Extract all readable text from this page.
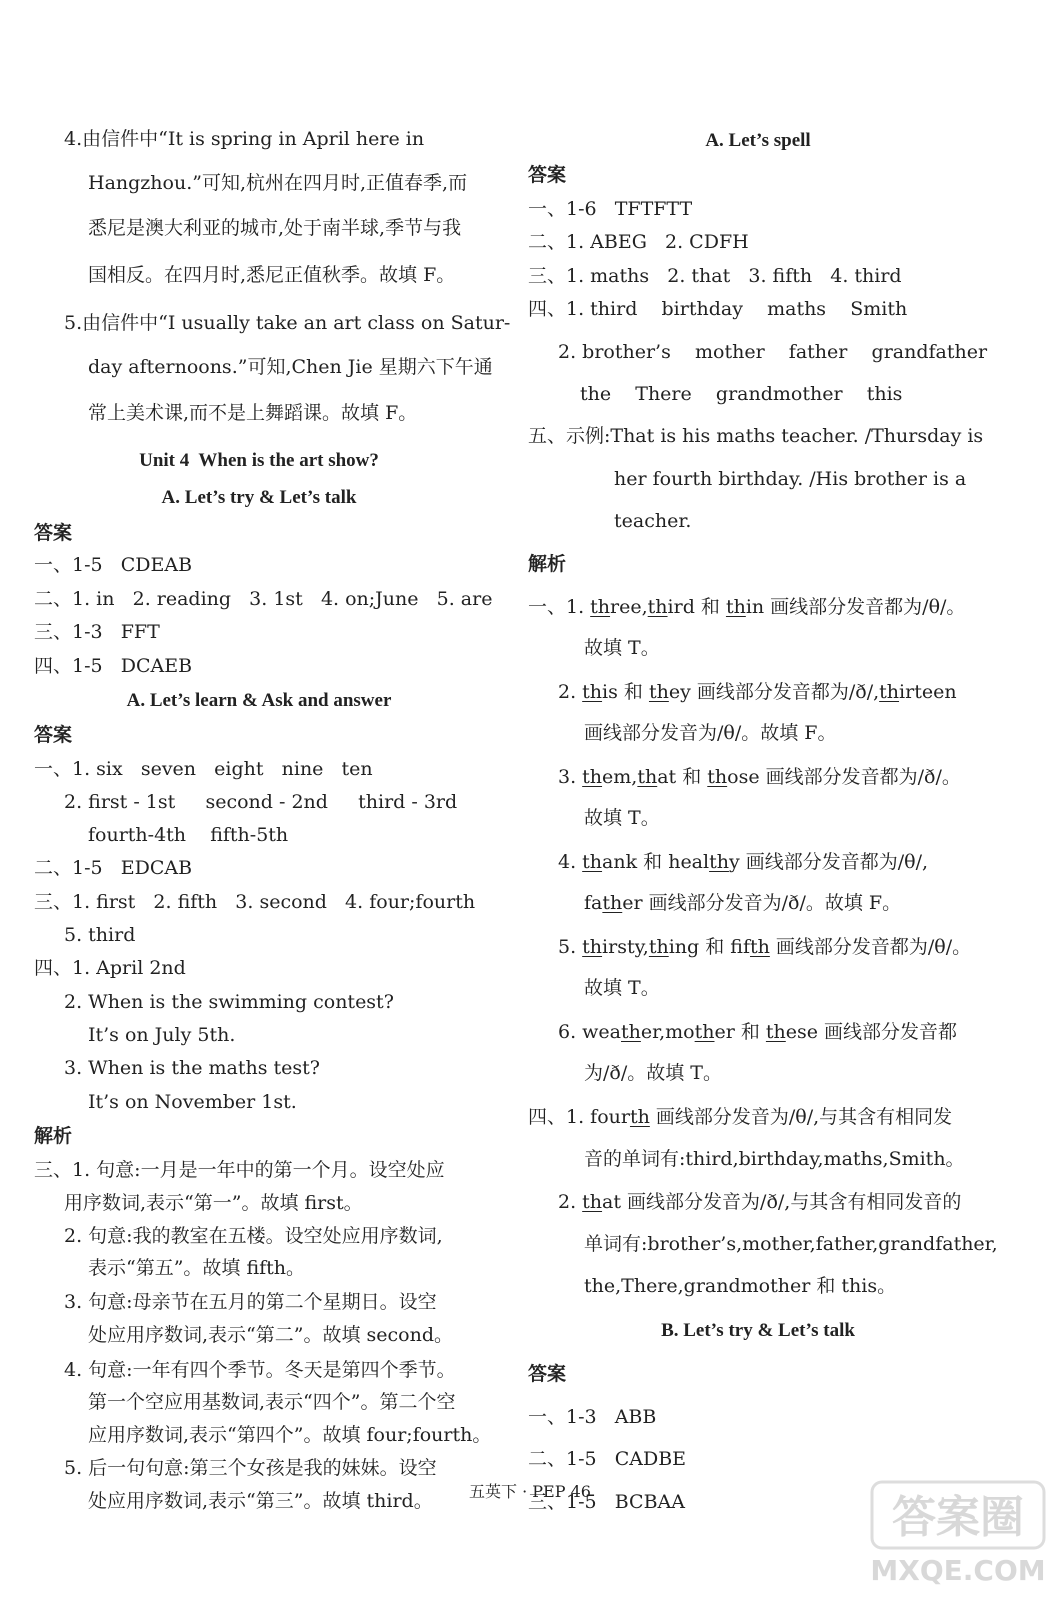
4.由信件中“It is spring in April here in
Hangzhou.”可知,杭州在四月时,正值春季,而
悉尼是澳大利亚的城市,处于南半球,季节与我
国相反。在四月时,悉尼正值秋季。故填 F。
5.由信件中“I usually take an art class on Satur-
day afternoons.”可知,Chen Jie 星期六下午通
常上美术课,而不是上舞蹈课。故填 F。
Unit 4  When is the art show?
A. Let’s try & Let’s talk
答案
一、1-5   CDEAB
二、1. in   2. reading   3. 1st   4. on;June   5. are
三、1-3   FFT
四、1-5   DCAEB
A. Let’s learn & Ask and answer
答案
一、1. six   seven   eight   nine   ten
2. first - 1st     second - 2nd     third - 3rd
fourth-4th    fifth-5th
二、1-5   EDCAB
三、1. first   2. fifth   3. second   4. four;fourth
5. third
四、1. April 2nd
2. When is the swimming contest?
It’s on July 5th.
3. When is the maths test?
It’s on November 1st.
解析
三、1. 句意:一月是一年中的第一个月。设空处应
用序数词,表示“第一”。故填 first。
2. 句意:我的教室在五楼。设空处应用序数词,
表示“第五”。故填 fifth。
3. 句意:母亲节在五月的第二个星期日。设空
处应用序数词,表示“第二”。故填 second。
4. 句意:一年有四个季节。冬天是第四个季节。
第一个空应用基数词,表示“四个”。第二个空
应用序数词,表示“第四个”。故填 four;fourth。
5. 后一句句意:第三个女孩是我的妹妹。设空
处应用序数词,表示“第三”。故填 third。
A. Let’s spell
答案
一、1-6   TFTFTT
二、1. ABEG   2. CDFH
三、1. maths   2. that   3. fifth   4. third
四、1. third    birthday    maths    Smith
2. brother’s    mother    father    grandfather
the    There    grandmother    this
五、示例:That is his maths teacher. /Thursday is
her fourth birthday. /His brother is a
teacher.
解析
一、1. three,third 和 thin 画线部分发音都为/θ/。
故填 T。
2. this 和 they 画线部分发音都为/ð/,thirteen
画线部分发音为/θ/。故填 F。
3. them,that 和 those 画线部分发音都为/ð/。
故填 T。
4. thank 和 healthy 画线部分发音都为/θ/,
father 画线部分发音为/ð/。故填 F。
5. thirsty,thing 和 fifth 画线部分发音都为/θ/。
故填 T。
6. weather,mother 和 these 画线部分发音都
为/ð/。故填 T。
四、1. fourth 画线部分发音为/θ/,与其含有相同发
音的单词有:third,birthday,maths,Smith。
2. that 画线部分发音为/ð/,与其含有相同发音的
单词有:brother’s,mother,father,grandfather,
the,There,grandmother 和 this。
B. Let’s try & Let’s talk
答案
一、1-3   ABB
二、1-5   CADBE
三、1-5   BCBAA
五英下 · PEP 46
答案圈
MXQE.COM
